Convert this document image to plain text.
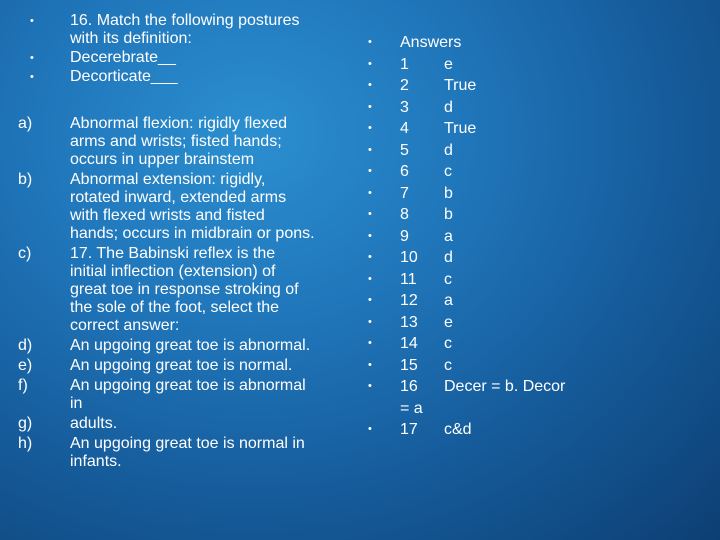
• 16. Match the following postures
with its definition:
• Decerebrate__
• Decorticate___
a)	Abnormal flexion: rigidly flexed
arms and wrists; fisted hands;
occurs in upper brainstem
b)	Abnormal extension: rigidly,
rotated inward, extended arms
with flexed wrists and fisted
hands; occurs in midbrain or pons.
c)	17. The Babinski reflex is the
initial inflection (extension) of
great toe in response stroking of
the sole of the foot, select the
correct answer:
d)	An upgoing great toe is abnormal.
e)	An upgoing great toe is normal.
f)	An upgoing great toe is abnormal
in
g)	adults.
h)	An upgoing great toe is normal in
infants.
• Answers
• 1 e
• 2 True
• 3 d
• 4 True
• 5 d
• 6 c
• 7 b
• 8 b
• 9 a
• 10 d
• 11 c
• 12 a
• 13 e
• 14 c
• 15 c
• 16 Decer = b. Decor
= a
• 17 c&d
